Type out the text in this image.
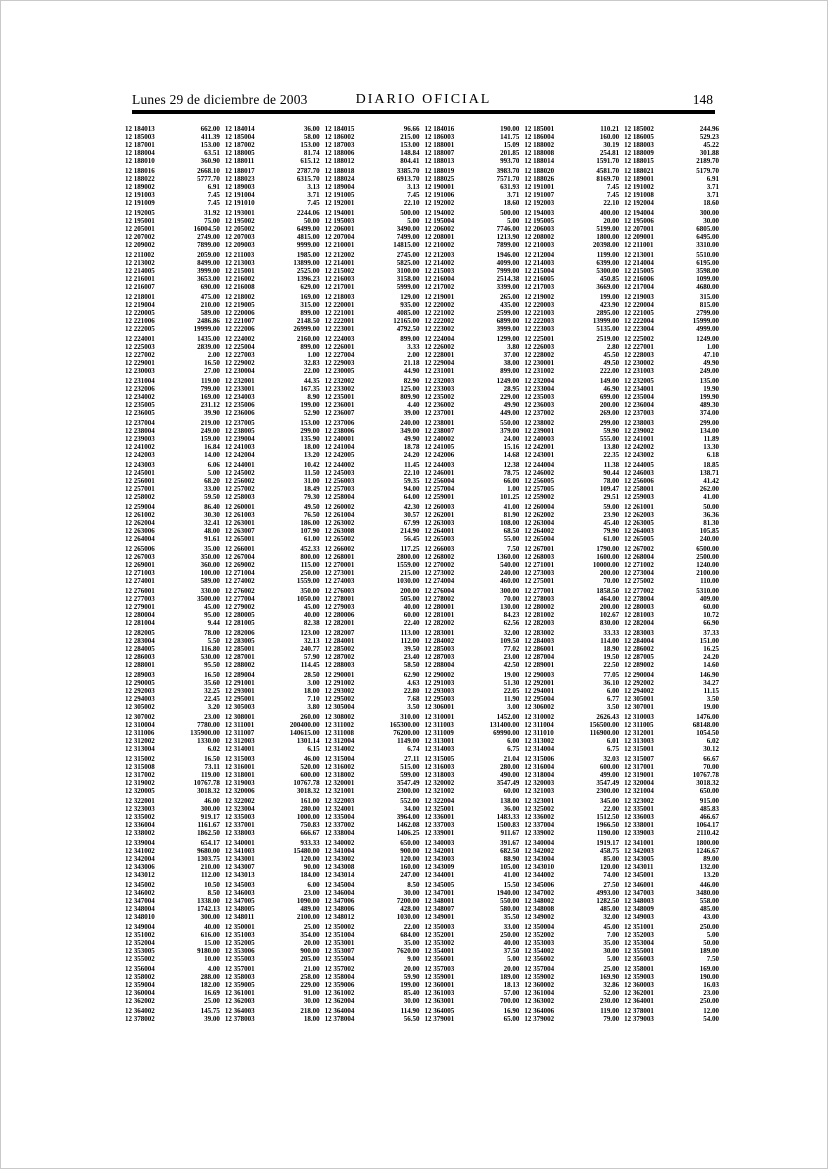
Lunes 29 de diciembre de 2003	DIARIO OFICIAL	148
12 184013	662.00 12 184014	36.00 12 184015	96.66 12 184016	190.00 12 185001	110.21 12 185002	244.96
12 185003	411.39 12 185004	58.00 12 186002	215.00 12 186003	141.75 12 186004	160.00 12 186005	529.23
12 187001	153.00 12 187002	153.00 12 187003	153.00 12 188001	15.09 12 188002	30.19 12 188003	45.22
12 188004	63.51 12 188005	81.74 12 188006	148.84 12 188007	201.85 12 188008	254.81 12 188009	301.88
12 188010	360.90 12 188011	615.12 12 188012	804.41 12 188013	993.70 12 188014	1591.70 12 188015	2189.70
12 188016	2668.10 12 188017	2787.70 12 188018	3385.70 12 188019	3983.70 12 188020	4581.70 12 188021	5179.70
12 188022	5777.70 12 188023	6315.70 12 188024	6913.70 12 188025	7571.70 12 188026	8169.70 12 189001	6.91
12 189002	6.91 12 189003	3.13 12 189004	3.13 12 190001	631.93 12 191001	7.45 12 191002	3.71
12 191003	7.45 12 191004	3.71 12 191005	7.45 12 191006	3.71 12 191007	7.45 12 191008	3.71
12 191009	7.45 12 191010	7.45 12 192001	22.10 12 192002	18.60 12 192003	22.10 12 192004	18.60
12 192005	31.92 12 193001	2244.06 12 194001	500.00 12 194002	500.00 12 194003	400.00 12 194004	300.00
12 195001	75.00 12 195002	50.00 12 195003	5.00 12 195004	5.00 12 195005	20.00 12 195006	30.00
12 205001	16004.50 12 205002	6499.00 12 206001	3490.00 12 206002	7746.00 12 206003	5199.00 12 207001	6805.00
12 207002	2749.00 12 207003	4815.00 12 207004	7499.00 12 208001	1213.90 12 208002	1800.00 12 209001	6495.00
12 209002	7899.00 12 209003	9999.00 12 210001	14815.00 12 210002	7899.00 12 210003	20398.00 12 211001	3310.00
12 211002	2059.00 12 211003	1985.00 12 212002	2745.00 12 212003	1946.00 12 212004	1199.00 12 213001	5510.00
12 213002	8499.00 12 213003	13899.00 12 214001	5825.00 12 214002	4099.00 12 214003	6399.00 12 214004	6195.00
12 214005	3999.00 12 215001	2525.00 12 215002	3100.00 12 215003	7999.00 12 215004	5300.00 12 215005	3598.00
12 216001	3653.00 12 216002	1396.23 12 216003	3158.00 12 216004	2514.38 12 216005	450.85 12 216006	1099.00
12 216007	690.00 12 216008	629.00 12 217001	5999.00 12 217002	3399.00 12 217003	3669.00 12 217004	4680.00
12 218001	475.00 12 218002	169.00 12 218003	129.00 12 219001	265.00 12 219002	199.00 12 219003	315.00
12 219004	210.00 12 219005	315.00 12 220001	935.00 12 220002	435.00 12 220003	423.90 12 220004	815.00
12 220005	589.00 12 220006	899.00 12 221001	4085.00 12 221002	2599.00 12 221003	2895.00 12 221005	2799.00
12 221006	2486.86 12 221007	2148.50 12 222001	12165.00 12 222002	6899.00 12 222003	13999.00 12 222004	15999.00
12 222005	19999.00 12 222006	26999.00 12 223001	4792.50 12 223002	3999.00 12 223003	5135.00 12 223004	4999.00
12 224001	1435.00 12 224002	2160.00 12 224003	899.00 12 224004	1299.00 12 225001	2519.00 12 225002	1249.00
12 225003	2839.00 12 225004	899.00 12 226001	3.33 12 226002	3.80 12 226003	2.80 12 227001	1.00
12 227002	2.00 12 227003	1.00 12 227004	2.00 12 228001	37.00 12 228002	45.50 12 228003	47.10
12 229001	16.50 12 229002	32.83 12 229003	21.18 12 229004	38.00 12 230001	49.50 12 230002	49.90
12 230003	27.00 12 230004	22.00 12 230005	44.90 12 231001	899.00 12 231002	222.00 12 231003	249.00
12 231004	119.00 12 232001	44.35 12 232002	82.90 12 232003	1249.00 12 232004	149.00 12 232005	135.00
12 232006	799.00 12 233001	167.35 12 233002	125.00 12 233003	28.95 12 233004	46.90 12 234001	19.90
12 234002	169.00 12 234003	8.90 12 235001	809.90 12 235002	229.00 12 235003	699.00 12 235004	199.90
12 235005	231.12 12 235006	199.00 12 236001	4.40 12 236002	49.90 12 236003	200.00 12 236004	489.30
12 236005	39.90 12 236006	52.90 12 236007	39.00 12 237001	449.00 12 237002	269.00 12 237003	374.00
12 237004	219.00 12 237005	153.00 12 237006	240.00 12 238001	550.00 12 238002	299.00 12 238003	299.00
12 238004	249.00 12 238005	299.00 12 238006	349.00 12 238007	379.00 12 239001	59.90 12 239002	134.00
12 239003	159.00 12 239004	135.90 12 240001	49.90 12 240002	24.00 12 240003	555.00 12 241001	11.89
12 241002	16.84 12 241003	18.00 12 241004	18.78 12 241005	15.16 12 242001	13.80 12 242002	13.30
12 242003	14.00 12 242004	13.20 12 242005	24.20 12 242006	14.68 12 243001	22.35 12 243002	6.18
12 243003	6.06 12 244001	10.42 12 244002	11.45 12 244003	12.38 12 244004	11.38 12 244005	18.85
12 245001	5.00 12 245002	11.50 12 245003	22.10 12 246001	78.75 12 246002	90.44 12 246003	138.71
12 256001	68.20 12 256002	31.00 12 256003	59.35 12 256004	66.00 12 256005	78.00 12 256006	41.42
12 257001	33.00 12 257002	18.49 12 257003	94.00 12 257004	1.00 12 257005	109.47 12 258001	262.00
12 258002	59.50 12 258003	79.30 12 258004	64.00 12 259001	101.25 12 259002	29.51 12 259003	41.00
12 259004	86.40 12 260001	49.50 12 260002	42.30 12 260003	41.00 12 260004	59.00 12 261001	50.00
12 261002	30.30 12 261003	76.50 12 261004	30.57 12 262001	81.90 12 262002	23.90 12 262003	36.36
12 262004	32.41 12 263001	186.00 12 263002	67.99 12 263003	108.00 12 263004	45.40 12 263005	81.30
12 263006	48.00 12 263007	107.90 12 263008	214.90 12 264001	68.50 12 264002	79.90 12 264003	105.85
12 264004	91.61 12 265001	61.00 12 265002	56.45 12 265003	55.00 12 265004	61.00 12 265005	240.00
12 265006	35.00 12 266001	452.33 12 266002	117.25 12 266003	7.50 12 267001	1790.00 12 267002	6500.00
12 267003	350.00 12 267004	800.00 12 268001	2800.00 12 268002	1360.00 12 268003	1600.00 12 268004	2500.00
12 269001	360.00 12 269002	115.00 12 270001	1559.00 12 270002	540.00 12 271001	10000.00 12 271002	1240.00
12 271003	100.00 12 271004	250.00 12 273001	215.00 12 273002	240.00 12 273003	200.00 12 273004	2100.00
12 274001	589.00 12 274002	1559.00 12 274003	1030.00 12 274004	460.00 12 275001	70.00 12 275002	110.00
12 276001	330.00 12 276002	350.00 12 276003	200.00 12 276004	300.00 12 277001	1858.50 12 277002	5310.00
12 277003	3500.00 12 277004	1050.00 12 278001	505.00 12 278002	70.00 12 278003	464.00 12 278004	409.00
12 279001	45.00 12 279002	45.00 12 279003	40.00 12 280001	130.00 12 280002	200.00 12 280003	60.00
12 280004	95.00 12 280005	40.00 12 280006	60.00 12 281001	84.23 12 281002	102.67 12 281003	10.72
12 281004	9.44 12 281005	82.38 12 282001	22.40 12 282002	62.56 12 282003	830.00 12 282004	66.90
12 282005	78.00 12 282006	123.00 12 282007	113.00 12 283001	32.00 12 283002	33.33 12 283003	37.33
12 283004	5.50 12 283005	32.13 12 284001	112.00 12 284002	109.50 12 284003	114.00 12 284004	151.00
12 284005	116.80 12 285001	240.77 12 285002	39.50 12 285003	77.02 12 286001	18.90 12 286002	16.25
12 286003	530.00 12 287001	57.90 12 287002	23.40 12 287003	23.00 12 287004	19.50 12 287005	24.20
12 288001	95.50 12 288002	114.45 12 288003	58.50 12 288004	42.50 12 289001	22.50 12 289002	14.60
12 289003	16.50 12 289004	28.50 12 290001	62.90 12 290002	19.00 12 290003	77.05 12 290004	146.90
12 290005	35.60 12 291001	3.00 12 291002	4.63 12 291003	51.30 12 292001	36.10 12 292002	34.27
12 292003	32.25 12 293001	18.00 12 293002	22.80 12 293003	22.05 12 294001	6.00 12 294002	11.15
12 294003	22.45 12 295001	7.10 12 295002	7.68 12 295003	11.90 12 295004	6.77 12 305001	3.50
12 305002	3.20 12 305003	3.80 12 305004	3.50 12 306001	3.00 12 306002	3.50 12 307001	19.00
12 307002	23.00 12 308001	260.00 12 308002	310.00 12 310001	1452.00 12 310002	2626.43 12 310003	1476.00
12 310004	7780.00 12 311001	200400.00 12 311002	165300.00 12 311003	131400.00 12 311004	156500.00 12 311005	68148.00
12 311006	135900.00 12 311007	140615.00 12 311008	76200.00 12 311009	69990.00 12 311010	116900.00 12 312001	1054.50
12 312002	1330.00 12 312003	1301.14 12 312004	1149.00 12 313001	6.00 12 313002	6.01 12 313003	6.02
12 313004	6.02 12 314001	6.15 12 314002	6.74 12 314003	6.75 12 314004	6.75 12 315001	30.12
12 315002	16.50 12 315003	46.00 12 315004	27.11 12 315005	21.04 12 315006	32.03 12 315007	66.67
12 315008	73.11 12 316001	520.00 12 316002	515.00 12 316003	280.00 12 316004	600.00 12 317001	70.00
12 317002	119.00 12 318001	600.00 12 318002	599.00 12 318003	490.00 12 318004	499.00 12 319001	10767.78
12 319002	10767.78 12 319003	10767.78 12 320001	3547.49 12 320002	3547.49 12 320003	3547.49 12 320004	3018.32
12 320005	3018.32 12 320006	3018.32 12 321001	2300.00 12 321002	60.00 12 321003	2300.00 12 321004	650.00
12 322001	46.00 12 322002	161.00 12 322003	552.00 12 322004	138.00 12 323001	345.00 12 323002	915.00
12 323003	300.00 12 323004	280.00 12 324001	34.00 12 325001	36.00 12 325002	22.00 12 335001	485.83
12 335002	919.17 12 335003	1000.00 12 335004	3964.00 12 336001	1483.33 12 336002	1512.50 12 336003	466.67
12 336004	1161.67 12 337001	750.83 12 337002	1462.08 12 337003	1500.83 12 337004	1966.50 12 338001	1064.17
12 338002	1862.50 12 338003	666.67 12 338004	1406.25 12 339001	911.67 12 339002	1190.00 12 339003	2110.42
12 339004	654.17 12 340001	933.33 12 340002	650.00 12 340003	391.67 12 340004	1919.17 12 341001	1800.00
12 341002	9680.00 12 341003	15480.00 12 341004	900.00 12 342001	682.50 12 342002	458.75 12 342003	1246.67
12 342004	1303.75 12 343001	120.00 12 343002	120.00 12 343003	88.90 12 343004	85.00 12 343005	89.00
12 343006	210.00 12 343007	90.00 12 343008	160.00 12 343009	105.00 12 343010	120.00 12 343011	132.00
12 343012	112.00 12 343013	184.00 12 343014	247.00 12 344001	41.00 12 344002	74.00 12 345001	13.20
12 345002	10.50 12 345003	6.00 12 345004	8.50 12 345005	15.50 12 345006	27.50 12 346001	446.00
12 346002	8.50 12 346003	23.00 12 346004	30.00 12 347001	1940.00 12 347002	4993.00 12 347003	3480.00
12 347004	1338.00 12 347005	1090.00 12 347006	7200.00 12 348001	550.00 12 348002	1282.50 12 348003	558.00
12 348004	1742.13 12 348005	489.00 12 348006	428.00 12 348007	580.00 12 348008	485.00 12 348009	485.00
12 348010	300.00 12 348011	2100.00 12 348012	1030.00 12 349001	35.50 12 349002	32.00 12 349003	43.00
12 349004	40.00 12 350001	25.00 12 350002	22.00 12 350003	33.00 12 350004	45.00 12 351001	250.00
12 351002	616.00 12 351003	354.00 12 351004	684.00 12 352001	250.00 12 352002	7.00 12 352003	5.00
12 352004	15.00 12 352005	20.00 12 353001	35.00 12 353002	40.00 12 353003	35.00 12 353004	50.00
12 353005	9180.00 12 353006	900.00 12 353007	7620.00 12 354001	37.50 12 354002	30.00 12 355001	189.00
12 355002	10.00 12 355003	205.00 12 355004	9.00 12 356001	5.00 12 356002	5.00 12 356003	7.50
12 356004	4.00 12 357001	21.00 12 357002	20.00 12 357003	20.00 12 357004	25.00 12 358001	169.00
12 358002	288.00 12 358003	258.00 12 358004	59.90 12 359001	189.00 12 359002	169.90 12 359003	190.00
12 359004	182.00 12 359005	229.00 12 359006	199.00 12 360001	18.13 12 360002	32.86 12 360003	16.03
12 360004	16.69 12 361001	91.00 12 361002	85.40 12 361003	57.00 12 361004	52.00 12 362001	23.00
12 362002	25.00 12 362003	30.00 12 362004	30.00 12 363001	700.00 12 363002	230.00 12 364001	250.00
12 364002	145.75 12 364003	218.00 12 364004	114.90 12 364005	16.90 12 364006	119.00 12 378001	12.00
12 378002	39.00 12 378003	18.00 12 378004	56.50 12 379001	65.00 12 379002	79.00 12 379003	54.00
